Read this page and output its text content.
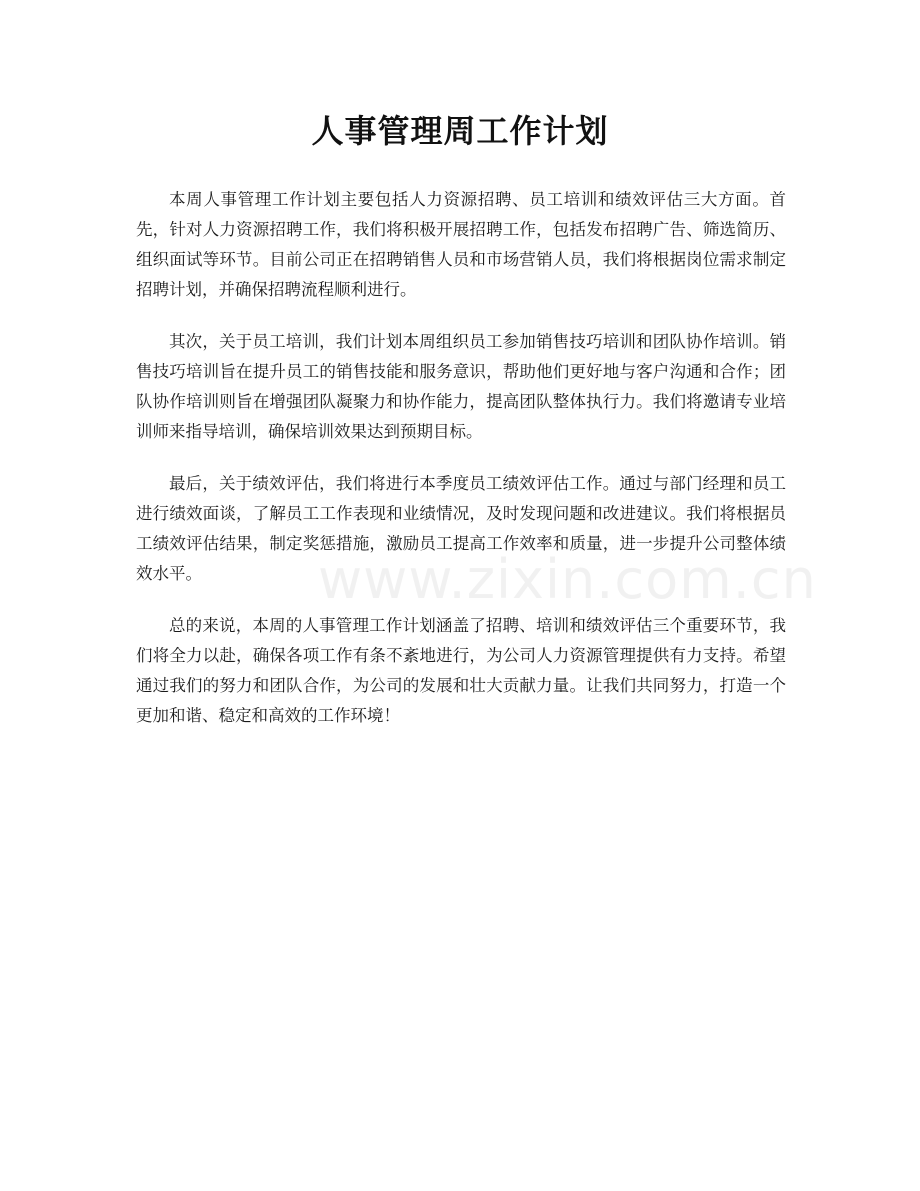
人事管理周工作计划

本周人事管理工作计划主要包括人力资源招聘、员工培训和绩效评估三大方面。首先，针对人力资源招聘工作，我们将积极开展招聘工作，包括发布招聘广告、筛选简历、组织面试等环节。目前公司正在招聘销售人员和市场营销人员，我们将根据岗位需求制定招聘计划，并确保招聘流程顺利进行。

其次，关于员工培训，我们计划本周组织员工参加销售技巧培训和团队协作培训。销售技巧培训旨在提升员工的销售技能和服务意识，帮助他们更好地与客户沟通和合作；团队协作培训则旨在增强团队凝聚力和协作能力，提高团队整体执行力。我们将邀请专业培训师来指导培训，确保培训效果达到预期目标。

最后，关于绩效评估，我们将进行本季度员工绩效评估工作。通过与部门经理和员工进行绩效面谈，了解员工工作表现和业绩情况，及时发现问题和改进建议。我们将根据员工绩效评估结果，制定奖惩措施，激励员工提高工作效率和质量，进一步提升公司整体绩效水平。

总的来说，本周的人事管理工作计划涵盖了招聘、培训和绩效评估三个重要环节，我们将全力以赴，确保各项工作有条不紊地进行，为公司人力资源管理提供有力支持。希望通过我们的努力和团队合作，为公司的发展和壮大贡献力量。让我们共同努力，打造一个更加和谐、稳定和高效的工作环境！

www.zixin.com.cn
